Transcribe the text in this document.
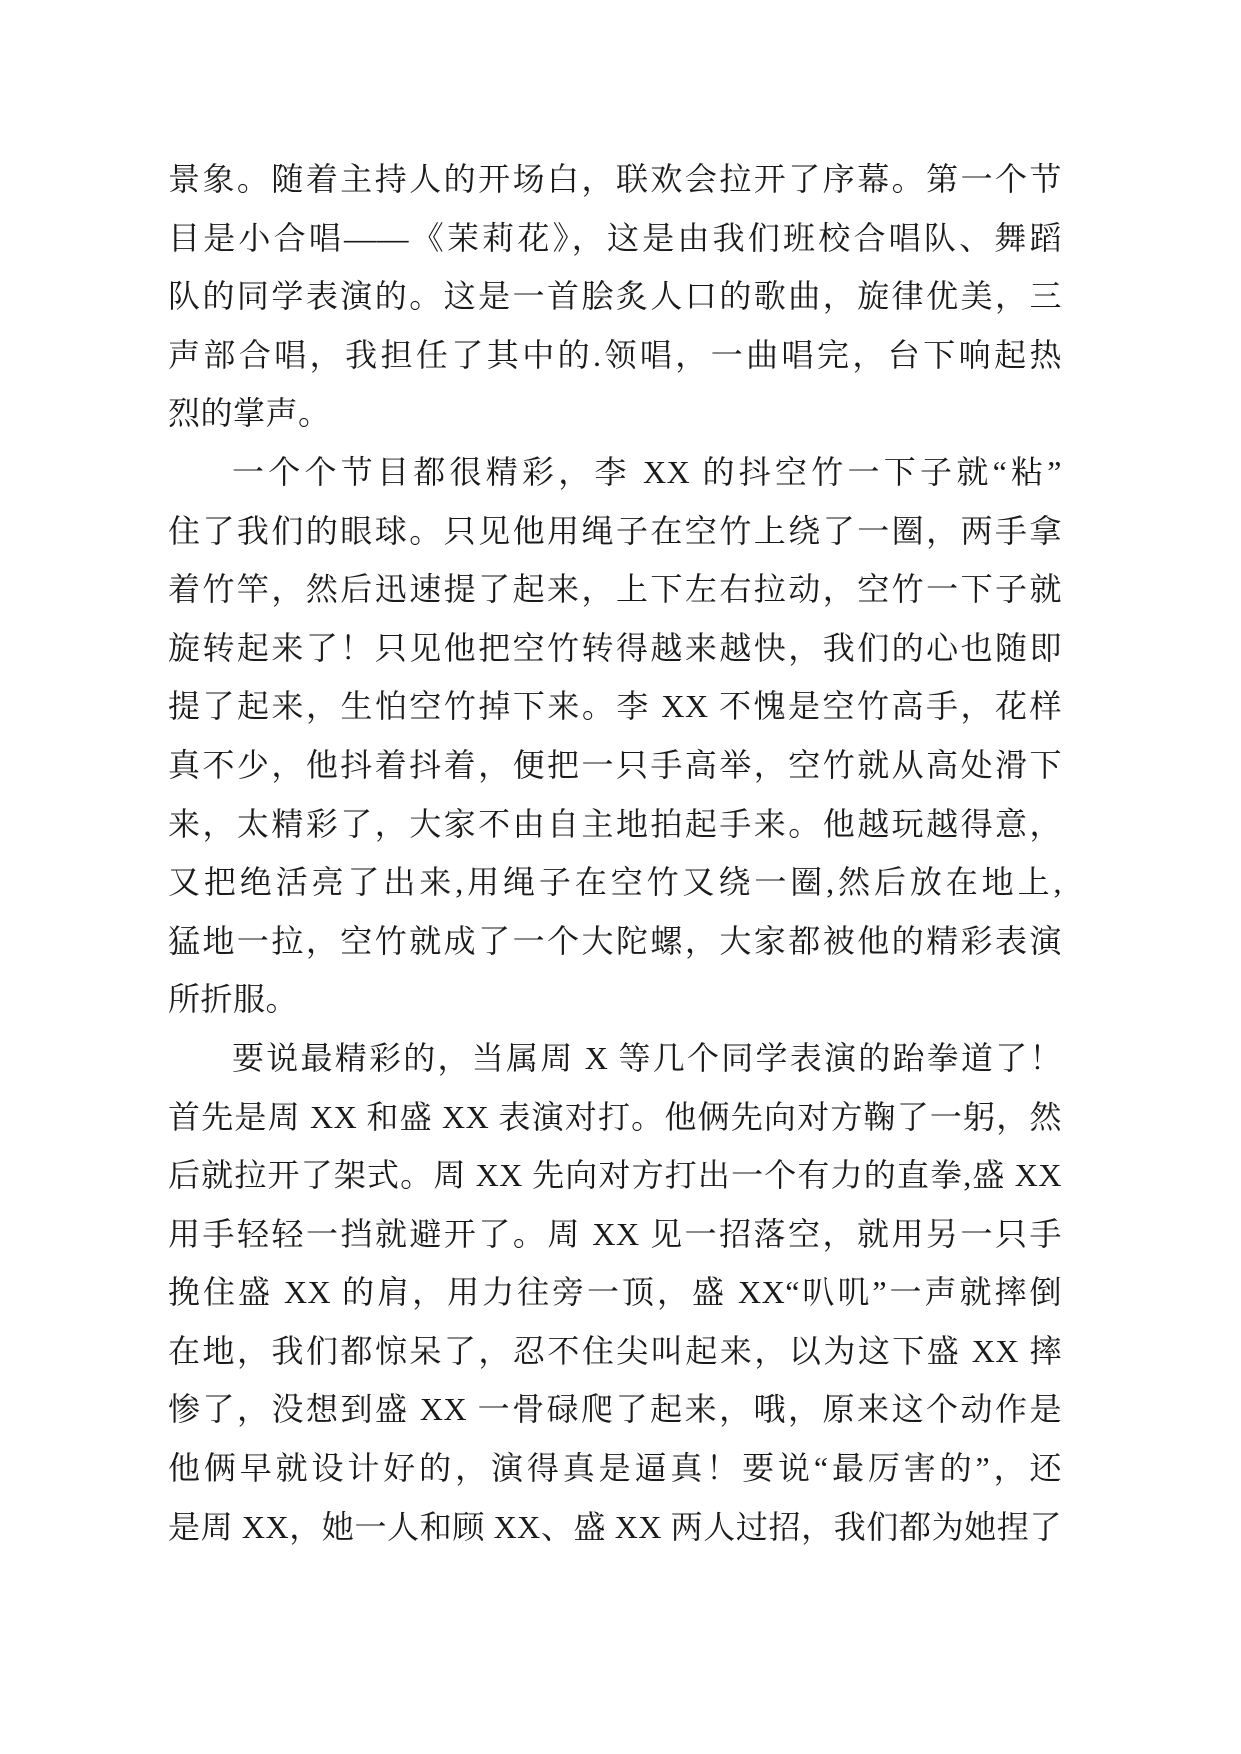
景象。随着主持人的开场白，联欢会拉开了序幕。第一个节
目是小合唱——《茉莉花》，这是由我们班校合唱队、舞蹈
队的同学表演的。这是一首脍炙人口的歌曲，旋律优美，三
声部合唱，我担任了其中的.领唱，一曲唱完，台下响起热
烈的掌声。
一个个节目都很精彩，李 XX 的抖空竹一下子就“粘”
住了我们的眼球。只见他用绳子在空竹上绕了一圈，两手拿
着竹竿，然后迅速提了起来，上下左右拉动，空竹一下子就
旋转起来了！只见他把空竹转得越来越快，我们的心也随即
提了起来，生怕空竹掉下来。李 XX 不愧是空竹高手，花样
真不少，他抖着抖着，便把一只手高举，空竹就从高处滑下
来，太精彩了，大家不由自主地拍起手来。他越玩越得意，
又把绝活亮了出来,用绳子在空竹又绕一圈,然后放在地上,
猛地一拉，空竹就成了一个大陀螺，大家都被他的精彩表演
所折服。
要说最精彩的，当属周 X 等几个同学表演的跆拳道了！
首先是周 XX 和盛 XX 表演对打。他俩先向对方鞠了一躬，然
后就拉开了架式。周 XX 先向对方打出一个有力的直拳,盛 XX
用手轻轻一挡就避开了。周 XX 见一招落空，就用另一只手
挽住盛 XX 的肩，用力往旁一顶，盛 XX“叭叽”一声就摔倒
在地，我们都惊呆了，忍不住尖叫起来，以为这下盛 XX 摔
惨了，没想到盛 XX 一骨碌爬了起来，哦，原来这个动作是
他俩早就设计好的，演得真是逼真！要说“最厉害的”，还
是周 XX，她一人和顾 XX、盛 XX 两人过招，我们都为她捏了
